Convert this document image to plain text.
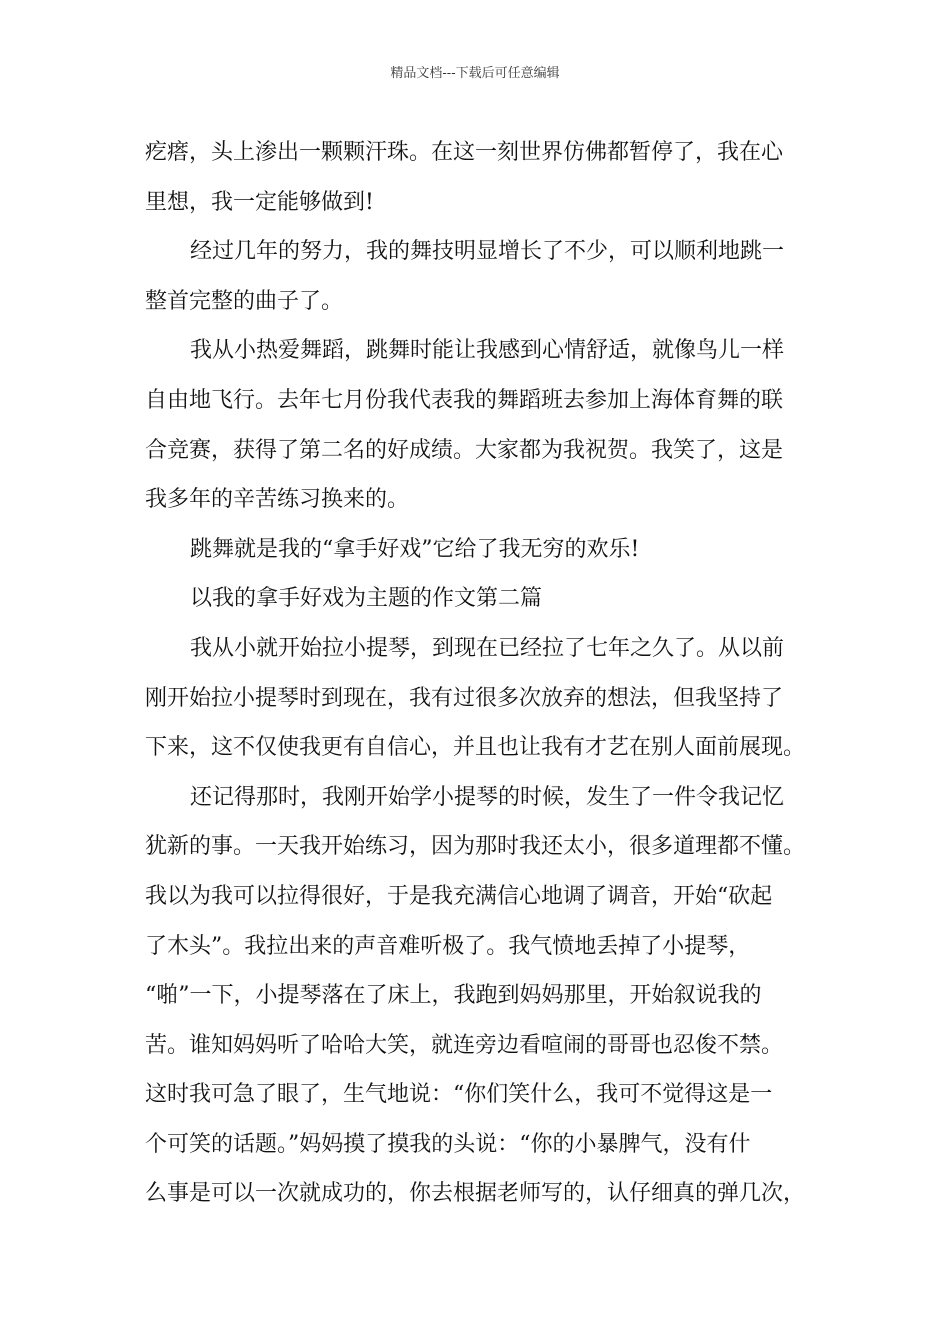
精品文档---下载后可任意编辑
疙瘩，头上渗出一颗颗汗珠。在这一刻世界仿佛都暂停了，我在心
里想，我一定能够做到!
经过几年的努力，我的舞技明显增长了不少，可以顺利地跳一
整首完整的曲子了。
我从小热爱舞蹈，跳舞时能让我感到心情舒适，就像鸟儿一样
自由地飞行。去年七月份我代表我的舞蹈班去参加上海体育舞的联
合竞赛，获得了第二名的好成绩。大家都为我祝贺。我笑了，这是
我多年的辛苦练习换来的。
跳舞就是我的“拿手好戏”它给了我无穷的欢乐!
以我的拿手好戏为主题的作文第二篇
我从小就开始拉小提琴，到现在已经拉了七年之久了。从以前
刚开始拉小提琴时到现在，我有过很多次放弃的想法，但我坚持了
下来，这不仅使我更有自信心，并且也让我有才艺在别人面前展现。
还记得那时，我刚开始学小提琴的时候，发生了一件令我记忆
犹新的事。一天我开始练习，因为那时我还太小，很多道理都不懂。
我以为我可以拉得很好，于是我充满信心地调了调音，开始“砍起
了木头”。我拉出来的声音难听极了。我气愤地丢掉了小提琴，
“啪”一下，小提琴落在了床上，我跑到妈妈那里，开始叙说我的
苦。谁知妈妈听了哈哈大笑，就连旁边看喧闹的哥哥也忍俊不禁。
这时我可急了眼了，生气地说：“你们笑什么，我可不觉得这是一
个可笑的话题。”妈妈摸了摸我的头说：“你的小暴脾气，没有什
么事是可以一次就成功的，你去根据老师写的，认仔细真的弹几次，
